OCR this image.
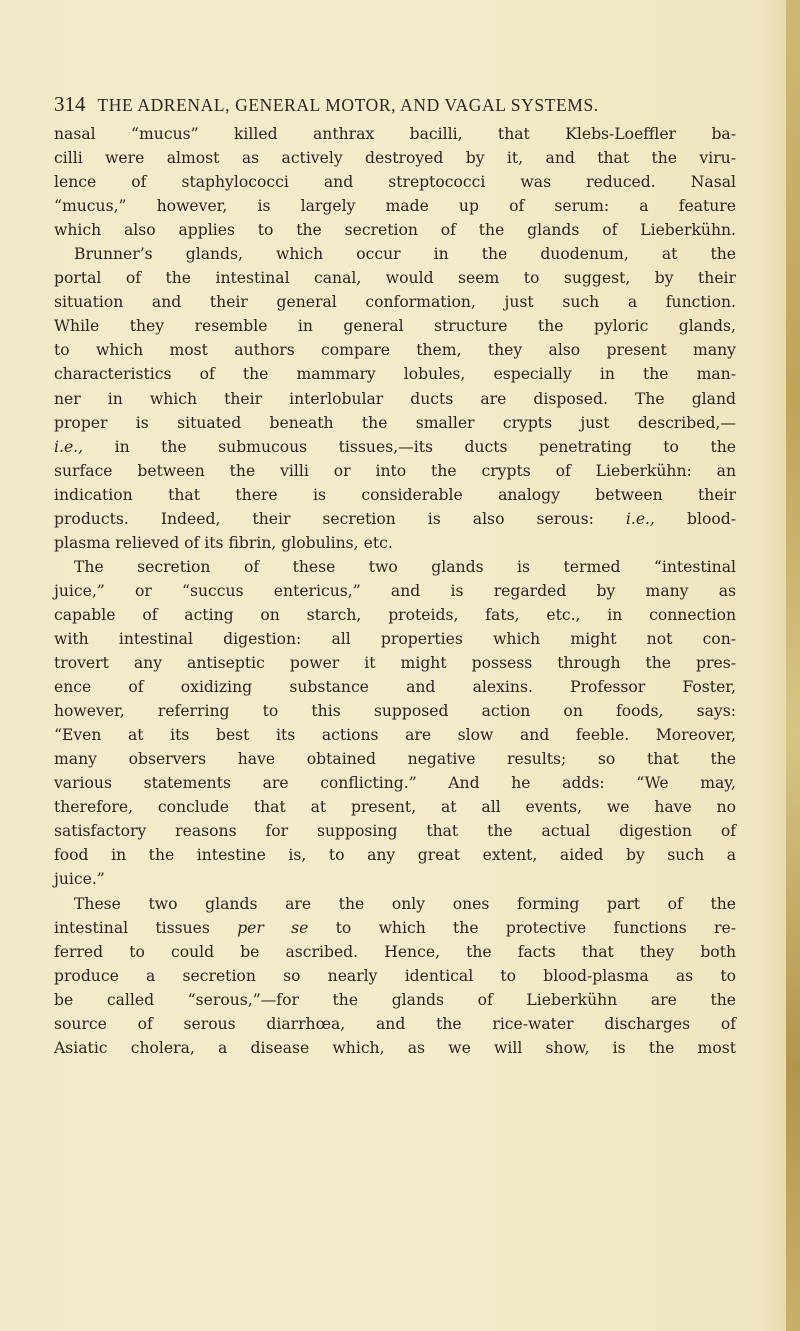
314 THE ADRENAL, GENERAL MOTOR, AND VAGAL SYSTEMS.

nasal “mucus” killed anthrax bacilli, that Klebs-Loeffler ba-

cilli were almost as actively destroyed by it, and that the viru-

lence of staphylococci and streptococci was reduced. Nasal

“mucus,” however, is largely made up of serum: a feature

which also applies to the secretion of the glands of Lieberkühn.

Brunner’s glands, which occur in the duodenum, at the

portal of the intestinal canal, would seem to suggest, by their

situation and their general conformation, just such a function.

While they resemble in general structure the pyloric glands,

to which most authors compare them, they also present many

characteristics of the mammary lobules, especially in the man-

ner in which their interlobular ducts are disposed. The gland

proper is situated beneath the smaller crypts just described,—

i.e., in the submucous tissues,—its ducts penetrating to the

surface between the villi or into the crypts of Lieberkühn: an

indication that there is considerable analogy between their

products. Indeed, their secretion is also serous: i.e., blood-

plasma relieved of its fibrin, globulins, etc.

The secretion of these two glands is termed “intestinal

juice,” or “succus entericus,” and is regarded by many as

capable of acting on starch, proteids, fats, etc., in connection

with intestinal digestion: all properties which might not con-

trovert any antiseptic power it might possess through the pres-

ence of oxidizing substance and alexins. Professor Foster,

however, referring to this supposed action on foods, says:

“Even at its best its actions are slow and feeble. Moreover,

many observers have obtained negative results; so that the

various statements are conflicting.” And he adds: “We may,

therefore, conclude that at present, at all events, we have no

satisfactory reasons for supposing that the actual digestion of

food in the intestine is, to any great extent, aided by such a

juice.”

These two glands are the only ones forming part of the

intestinal tissues per se to which the protective functions re-

ferred to could be ascribed. Hence, the facts that they both

produce a secretion so nearly identical to blood-plasma as to

be called “serous,”—for the glands of Lieberkühn are the

source of serous diarrhœa, and the rice-water discharges of

Asiatic cholera, a disease which, as we will show, is the most
